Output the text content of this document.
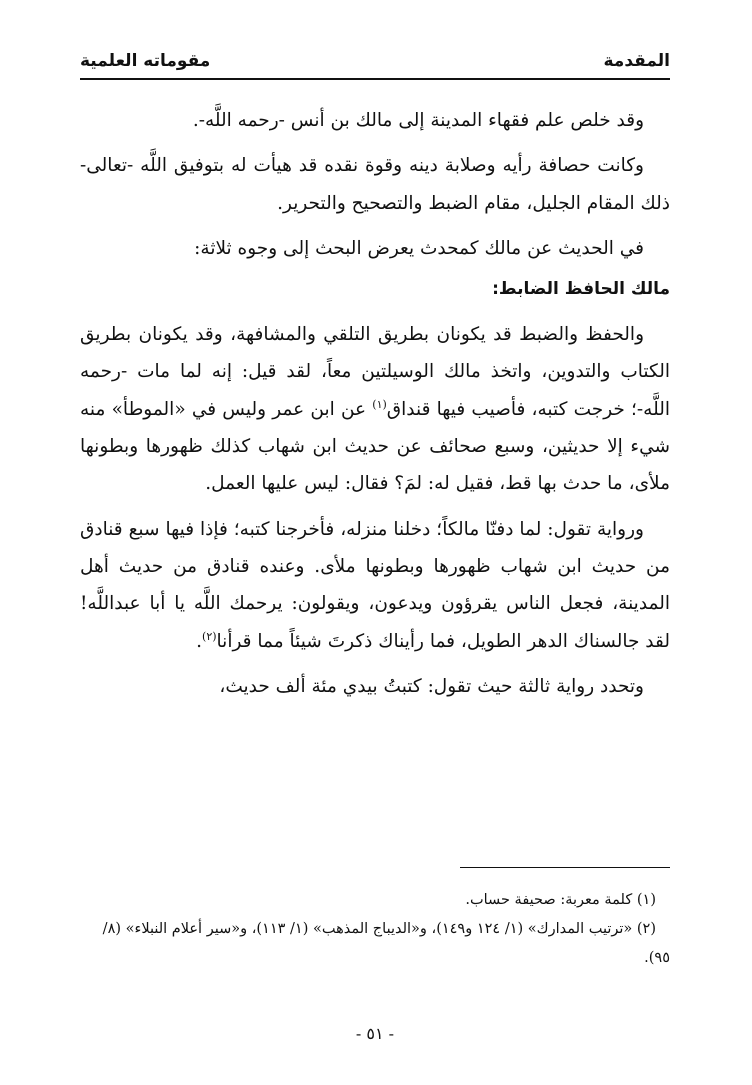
المقدمة
مقوماته العلمية

وقد خلص علم فقهاء المدينة إلى مالك بن أنس -رحمه اللَّه-.

وكانت حصافة رأيه وصلابة دينه وقوة نقده قد هيأت له بتوفيق اللَّه -تعالى- ذلك المقام الجليل، مقام الضبط والتصحيح والتحرير.

في الحديث عن مالك كمحدث يعرض البحث إلى وجوه ثلاثة:

مالك الحافظ الضابط:

والحفظ والضبط قد يكونان بطريق التلقي والمشافهة، وقد يكونان بطريق الكتاب والتدوين، واتخذ مالك الوسيلتين معاً، لقد قيل: إنه لما مات -رحمه اللَّه-؛ خرجت كتبه، فأصيب فيها قنداق$^{(١)}$ عن ابن عمر وليس في «الموطأ» منه شيء إلا حديثين، وسبع صحائف عن حديث ابن شهاب كذلك ظهورها وبطونها ملأى، ما حدث بها قط، فقيل له: لمَ؟ فقال: ليس عليها العمل.

ورواية تقول: لما دفنّا مالكاً؛ دخلنا منزله، فأخرجنا كتبه؛ فإذا فيها سبع قنادق من حديث ابن شهاب ظهورها وبطونها ملأى. وعنده قنادق من حديث أهل المدينة، فجعل الناس يقرؤون ويدعون، ويقولون: يرحمك اللَّه يا أبا عبداللَّه! لقد جالسناك الدهر الطويل، فما رأيناك ذكرتَ شيئاً مما قرأنا$^{(٢)}$.

وتحدد رواية ثالثة حيث تقول: كتبتُ بيدي مئة ألف حديث،

(١) كلمة معربة: صحيفة حساب.

(٢) «ترتيب المدارك» (١/ ١٢٤ و١٤٩)، و«الديباج المذهب» (١/ ١١٣)، و«سير أعلام النبلاء» (٨/ ٩٥).

- ٥١ -
